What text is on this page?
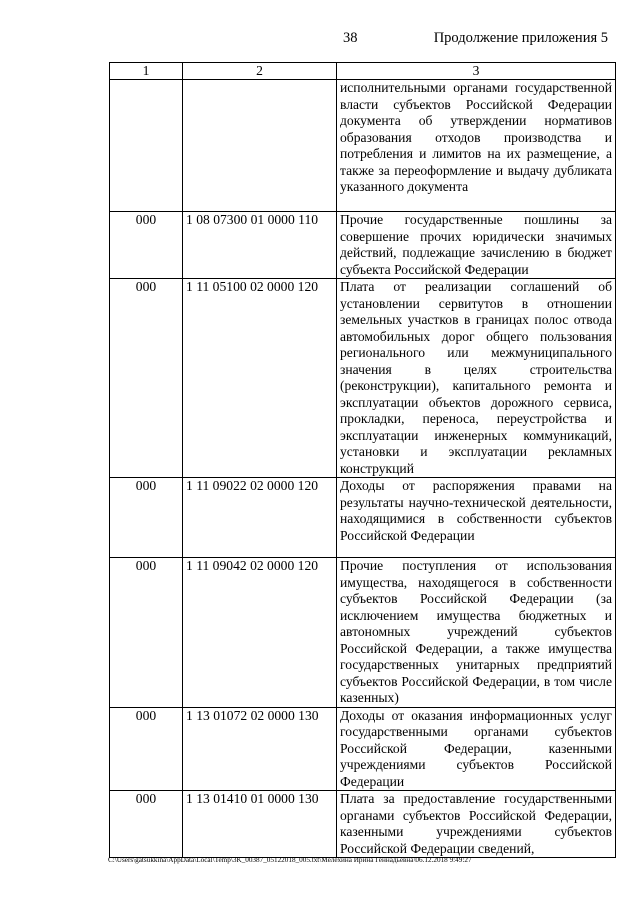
38	Продолжение приложения 5
1	2	3
		исполнительными органами государственной власти субъектов Российской Федерации документа об утверждении нормативов образования отходов производства и потребления и лимитов на их размещение, а также за переоформление и выдачу дубликата указанного документа
000	1 08 07300 01 0000 110	Прочие государственные пошлины за совершение прочих юридически значимых действий, подлежащие зачислению в бюджет субъекта Российской Федерации
000	1 11 05100 02 0000 120	Плата от реализации соглашений об установлении сервитутов в отношении земельных участков в границах полос отвода автомобильных дорог общего пользования регионального или межмуниципального значения в целях строительства (реконструкции), капитального ремонта и эксплуатации объектов дорожного сервиса, прокладки, переноса, переустройства и эксплуатации инженерных коммуникаций, установки и эксплуатации рекламных конструкций
000	1 11 09022 02 0000 120	Доходы от распоряжения правами на результаты научно-технической деятельности, находящимися в собственности субъектов Российской Федерации
000	1 11 09042 02 0000 120	Прочие поступления от использования имущества, находящегося в собственности субъектов Российской Федерации (за исключением имущества бюджетных и автономных учреждений субъектов Российской Федерации, а также имущества государственных унитарных предприятий субъектов Российской Федерации, в том числе казенных)
000	1 13 01072 02 0000 130	Доходы от оказания информационных услуг государственными органами субъектов Российской Федерации, казенными учреждениями субъектов Российской Федерации
000	1 13 01410 01 0000 130	Плата за предоставление государственными органами субъектов Российской Федерации, казенными учреждениями субъектов Российской Федерации сведений,
C:\Users\gatsukkina\AppData\Local\Temp\3K_00387_05122018_005.txt\Мелехина Ирина Геннадьевна\06.12.2018 9:49:27
